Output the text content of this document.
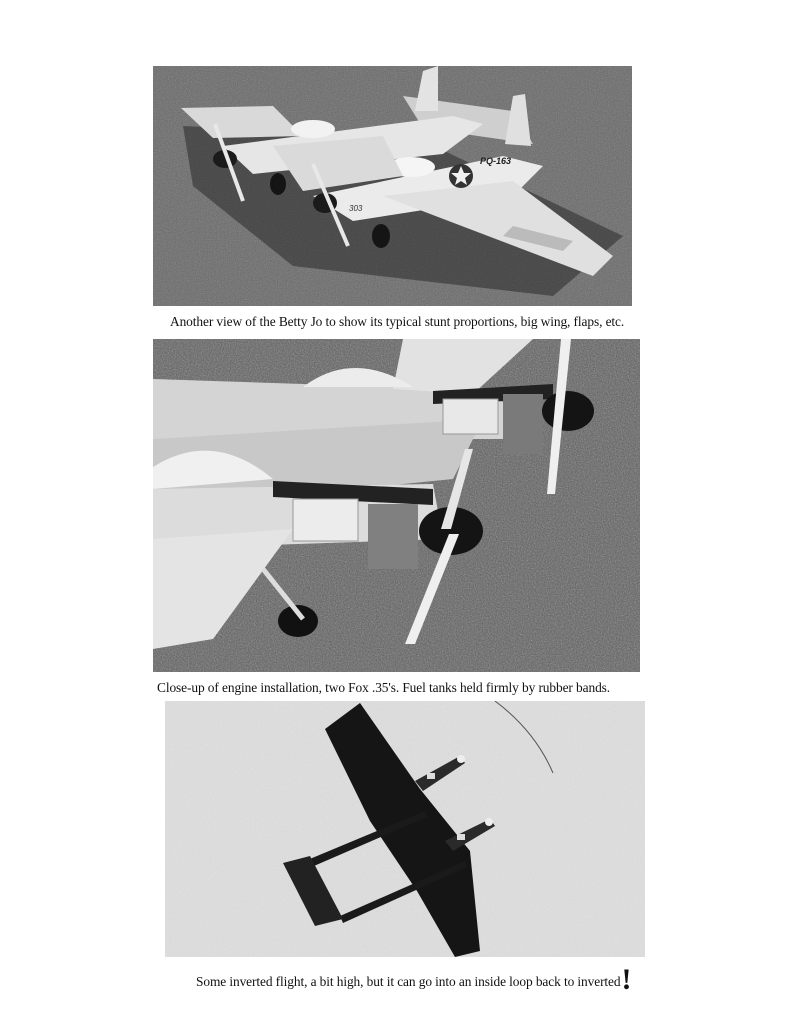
PQ-163
303
Another view of the Betty Jo to show its typical stunt proportions, big wing, flaps, etc.
Close-up of engine installation, two Fox .35's. Fuel tanks held firmly by rubber bands.
Some inverted flight, a bit high, but it can go into an inside loop back to inverted!
